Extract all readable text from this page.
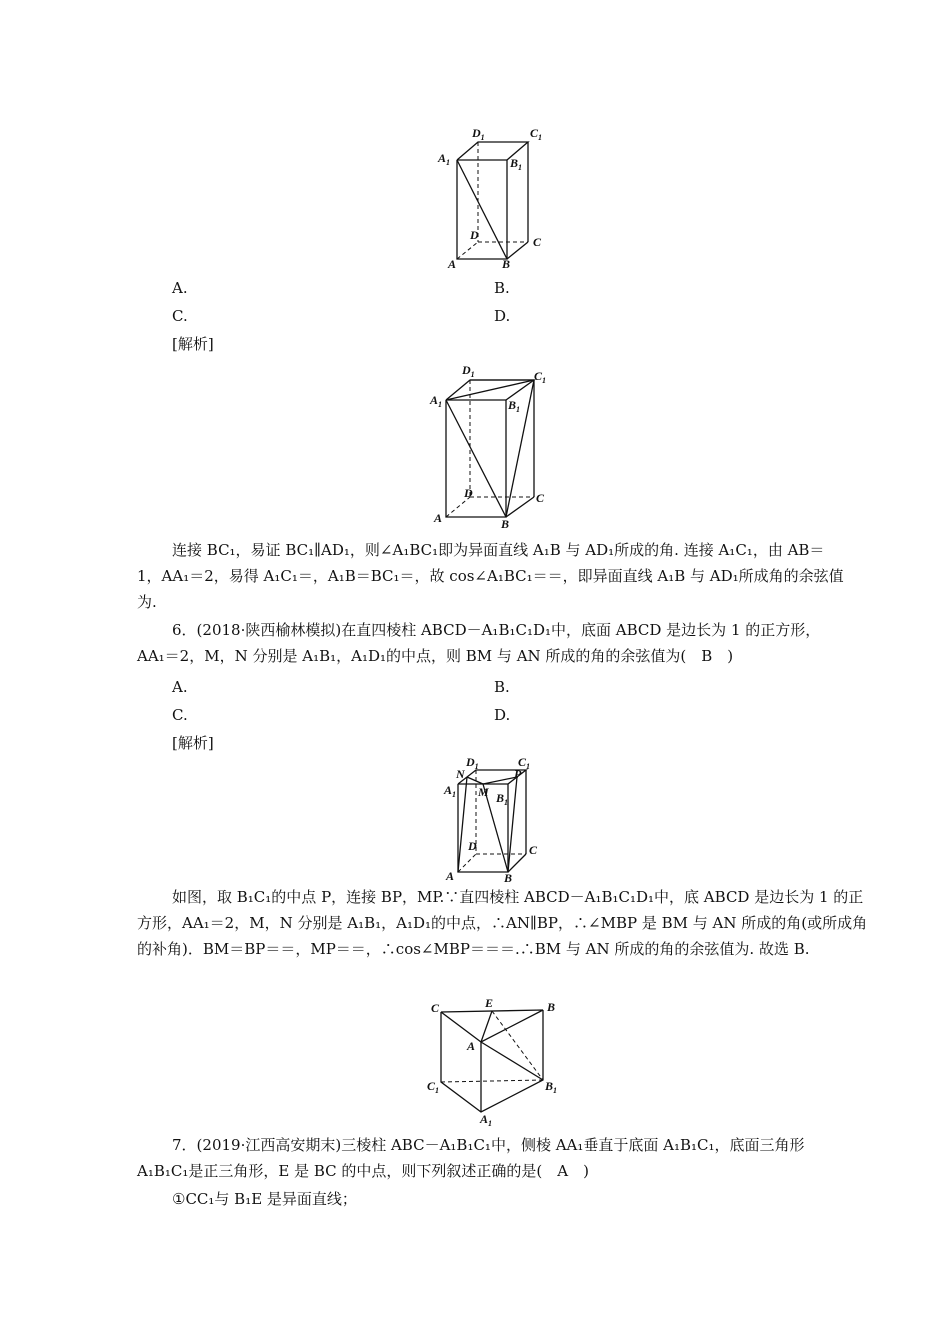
$D_1$	$C_1$
$A_1$	$B_1$
D	C
A	B
A.	B.
C.	D.
[解析]
$D_1$	$C_1$
$A_1$	$B_1$
D	C
A	B
连接 BC₁，易证 BC₁∥AD₁，则∠A₁BC₁即为异面直线 A₁B 与 AD₁所成的角. 连接 A₁C₁，由 AB＝
1，AA₁＝2，易得 A₁C₁＝，A₁B＝BC₁＝，故 cos∠A₁BC₁＝＝，即异面直线 A₁B 与 AD₁所成角的余弦值
为.
6．(2018·陕西榆林模拟)在直四棱柱 ABCD－A₁B₁C₁D₁中，底面 ABCD 是边长为 1 的正方形，
AA₁＝2，M，N 分别是 A₁B₁，A₁D₁的中点，则 BM 与 AN 所成的角的余弦值为(　B　)
A.	B.
C.	D.
[解析]
$D_1$	$C_1$
N	P
$A_1$ M $B_1$
D	C
A	B
如图，取 B₁C₁的中点 P，连接 BP，MP.∵直四棱柱 ABCD－A₁B₁C₁D₁中，底 ABCD 是边长为 1 的正
方形，AA₁＝2，M，N 分别是 A₁B₁，A₁D₁的中点，∴AN∥BP，∴∠MBP 是 BM 与 AN 所成的角(或所成角
的补角)．BM＝BP＝＝，MP＝＝，∴cos∠MBP＝＝＝.∴BM 与 AN 所成的角的余弦值为. 故选 B.
C	E	B
A
$C_1$	$B_1$
$A_1$
7．(2019·江西高安期末)三棱柱 ABC－A₁B₁C₁中，侧棱 AA₁垂直于底面 A₁B₁C₁，底面三角形
A₁B₁C₁是正三角形，E 是 BC 的中点，则下列叙述正确的是(　A　)
①CC₁与 B₁E 是异面直线；
